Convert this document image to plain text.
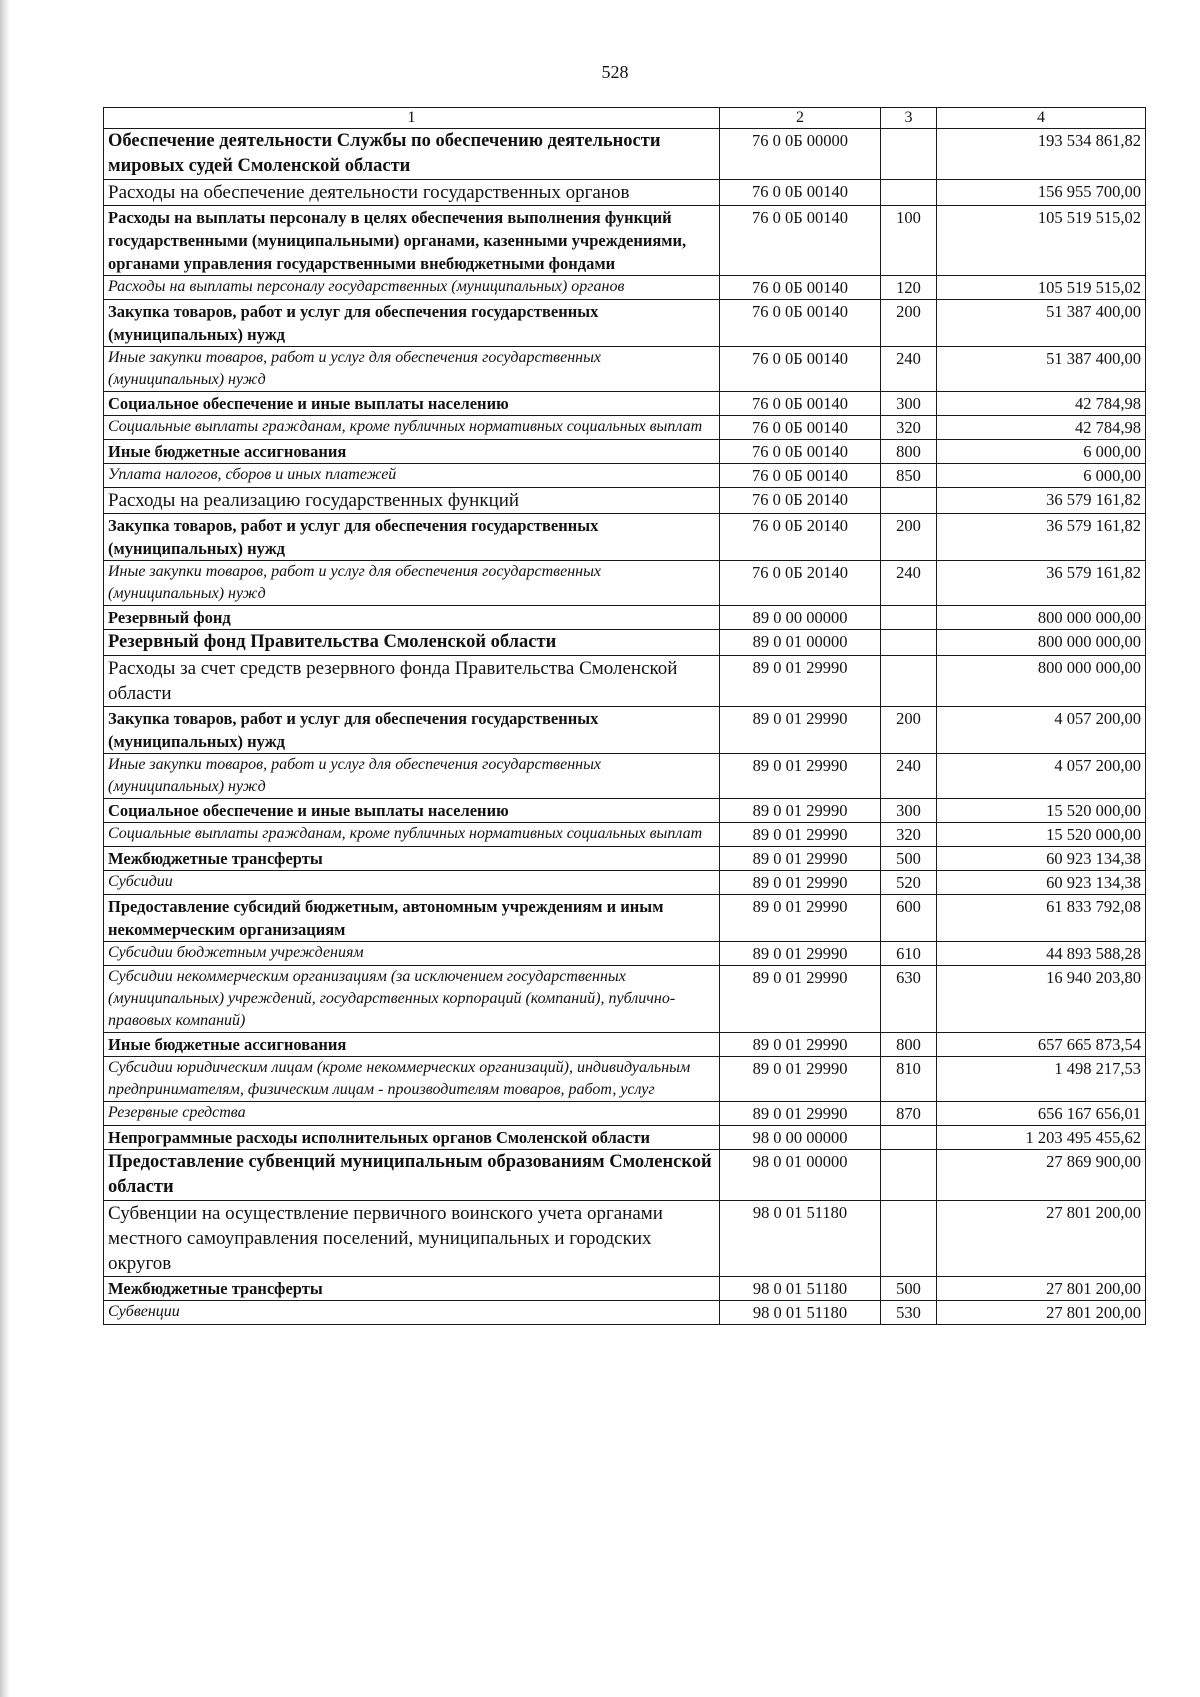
528
1	2	3	4
Обеспечение деятельности Службы по обеспечению деятельности мировых судей Смоленской области	76 0 0Б 00000		193 534 861,82
Расходы на обеспечение деятельности государственных органов	76 0 0Б 00140		156 955 700,00
Расходы на выплаты персоналу в целях обеспечения выполнения функций государственными (муниципальными) органами, казенными учреждениями, органами управления государственными внебюджетными фондами	76 0 0Б 00140	100	105 519 515,02
Расходы на выплаты персоналу государственных (муниципальных) органов	76 0 0Б 00140	120	105 519 515,02
Закупка товаров, работ и услуг для обеспечения государственных (муниципальных) нужд	76 0 0Б 00140	200	51 387 400,00
Иные закупки товаров, работ и услуг для обеспечения государственных (муниципальных) нужд	76 0 0Б 00140	240	51 387 400,00
Социальное обеспечение и иные выплаты населению	76 0 0Б 00140	300	42 784,98
Социальные выплаты гражданам, кроме публичных нормативных социальных выплат	76 0 0Б 00140	320	42 784,98
Иные бюджетные ассигнования	76 0 0Б 00140	800	6 000,00
Уплата налогов, сборов и иных платежей	76 0 0Б 00140	850	6 000,00
Расходы на реализацию государственных функций	76 0 0Б 20140		36 579 161,82
Закупка товаров, работ и услуг для обеспечения государственных (муниципальных) нужд	76 0 0Б 20140	200	36 579 161,82
Иные закупки товаров, работ и услуг для обеспечения государственных (муниципальных) нужд	76 0 0Б 20140	240	36 579 161,82
Резервный фонд	89 0 00 00000		800 000 000,00
Резервный фонд Правительства Смоленской области	89 0 01 00000		800 000 000,00
Расходы за счет средств резервного фонда Правительства Смоленской области	89 0 01 29990		800 000 000,00
Закупка товаров, работ и услуг для обеспечения государственных (муниципальных) нужд	89 0 01 29990	200	4 057 200,00
Иные закупки товаров, работ и услуг для обеспечения государственных (муниципальных) нужд	89 0 01 29990	240	4 057 200,00
Социальное обеспечение и иные выплаты населению	89 0 01 29990	300	15 520 000,00
Социальные выплаты гражданам, кроме публичных нормативных социальных выплат	89 0 01 29990	320	15 520 000,00
Межбюджетные трансферты	89 0 01 29990	500	60 923 134,38
Субсидии	89 0 01 29990	520	60 923 134,38
Предоставление субсидий бюджетным, автономным учреждениям и иным некоммерческим организациям	89 0 01 29990	600	61 833 792,08
Субсидии бюджетным учреждениям	89 0 01 29990	610	44 893 588,28
Субсидии некоммерческим организациям (за исключением государственных (муниципальных) учреждений, государственных корпораций (компаний), публично-правовых компаний)	89 0 01 29990	630	16 940 203,80
Иные бюджетные ассигнования	89 0 01 29990	800	657 665 873,54
Субсидии юридическим лицам (кроме некоммерческих организаций), индивидуальным предпринимателям, физическим лицам - производителям товаров, работ, услуг	89 0 01 29990	810	1 498 217,53
Резервные средства	89 0 01 29990	870	656 167 656,01
Непрограммные расходы исполнительных органов Смоленской области	98 0 00 00000		1 203 495 455,62
Предоставление субвенций муниципальным образованиям Смоленской области	98 0 01 00000		27 869 900,00
Субвенции на осуществление первичного воинского учета органами местного самоуправления поселений, муниципальных и городских округов	98 0 01 51180		27 801 200,00
Межбюджетные трансферты	98 0 01 51180	500	27 801 200,00
Субвенции	98 0 01 51180	530	27 801 200,00
